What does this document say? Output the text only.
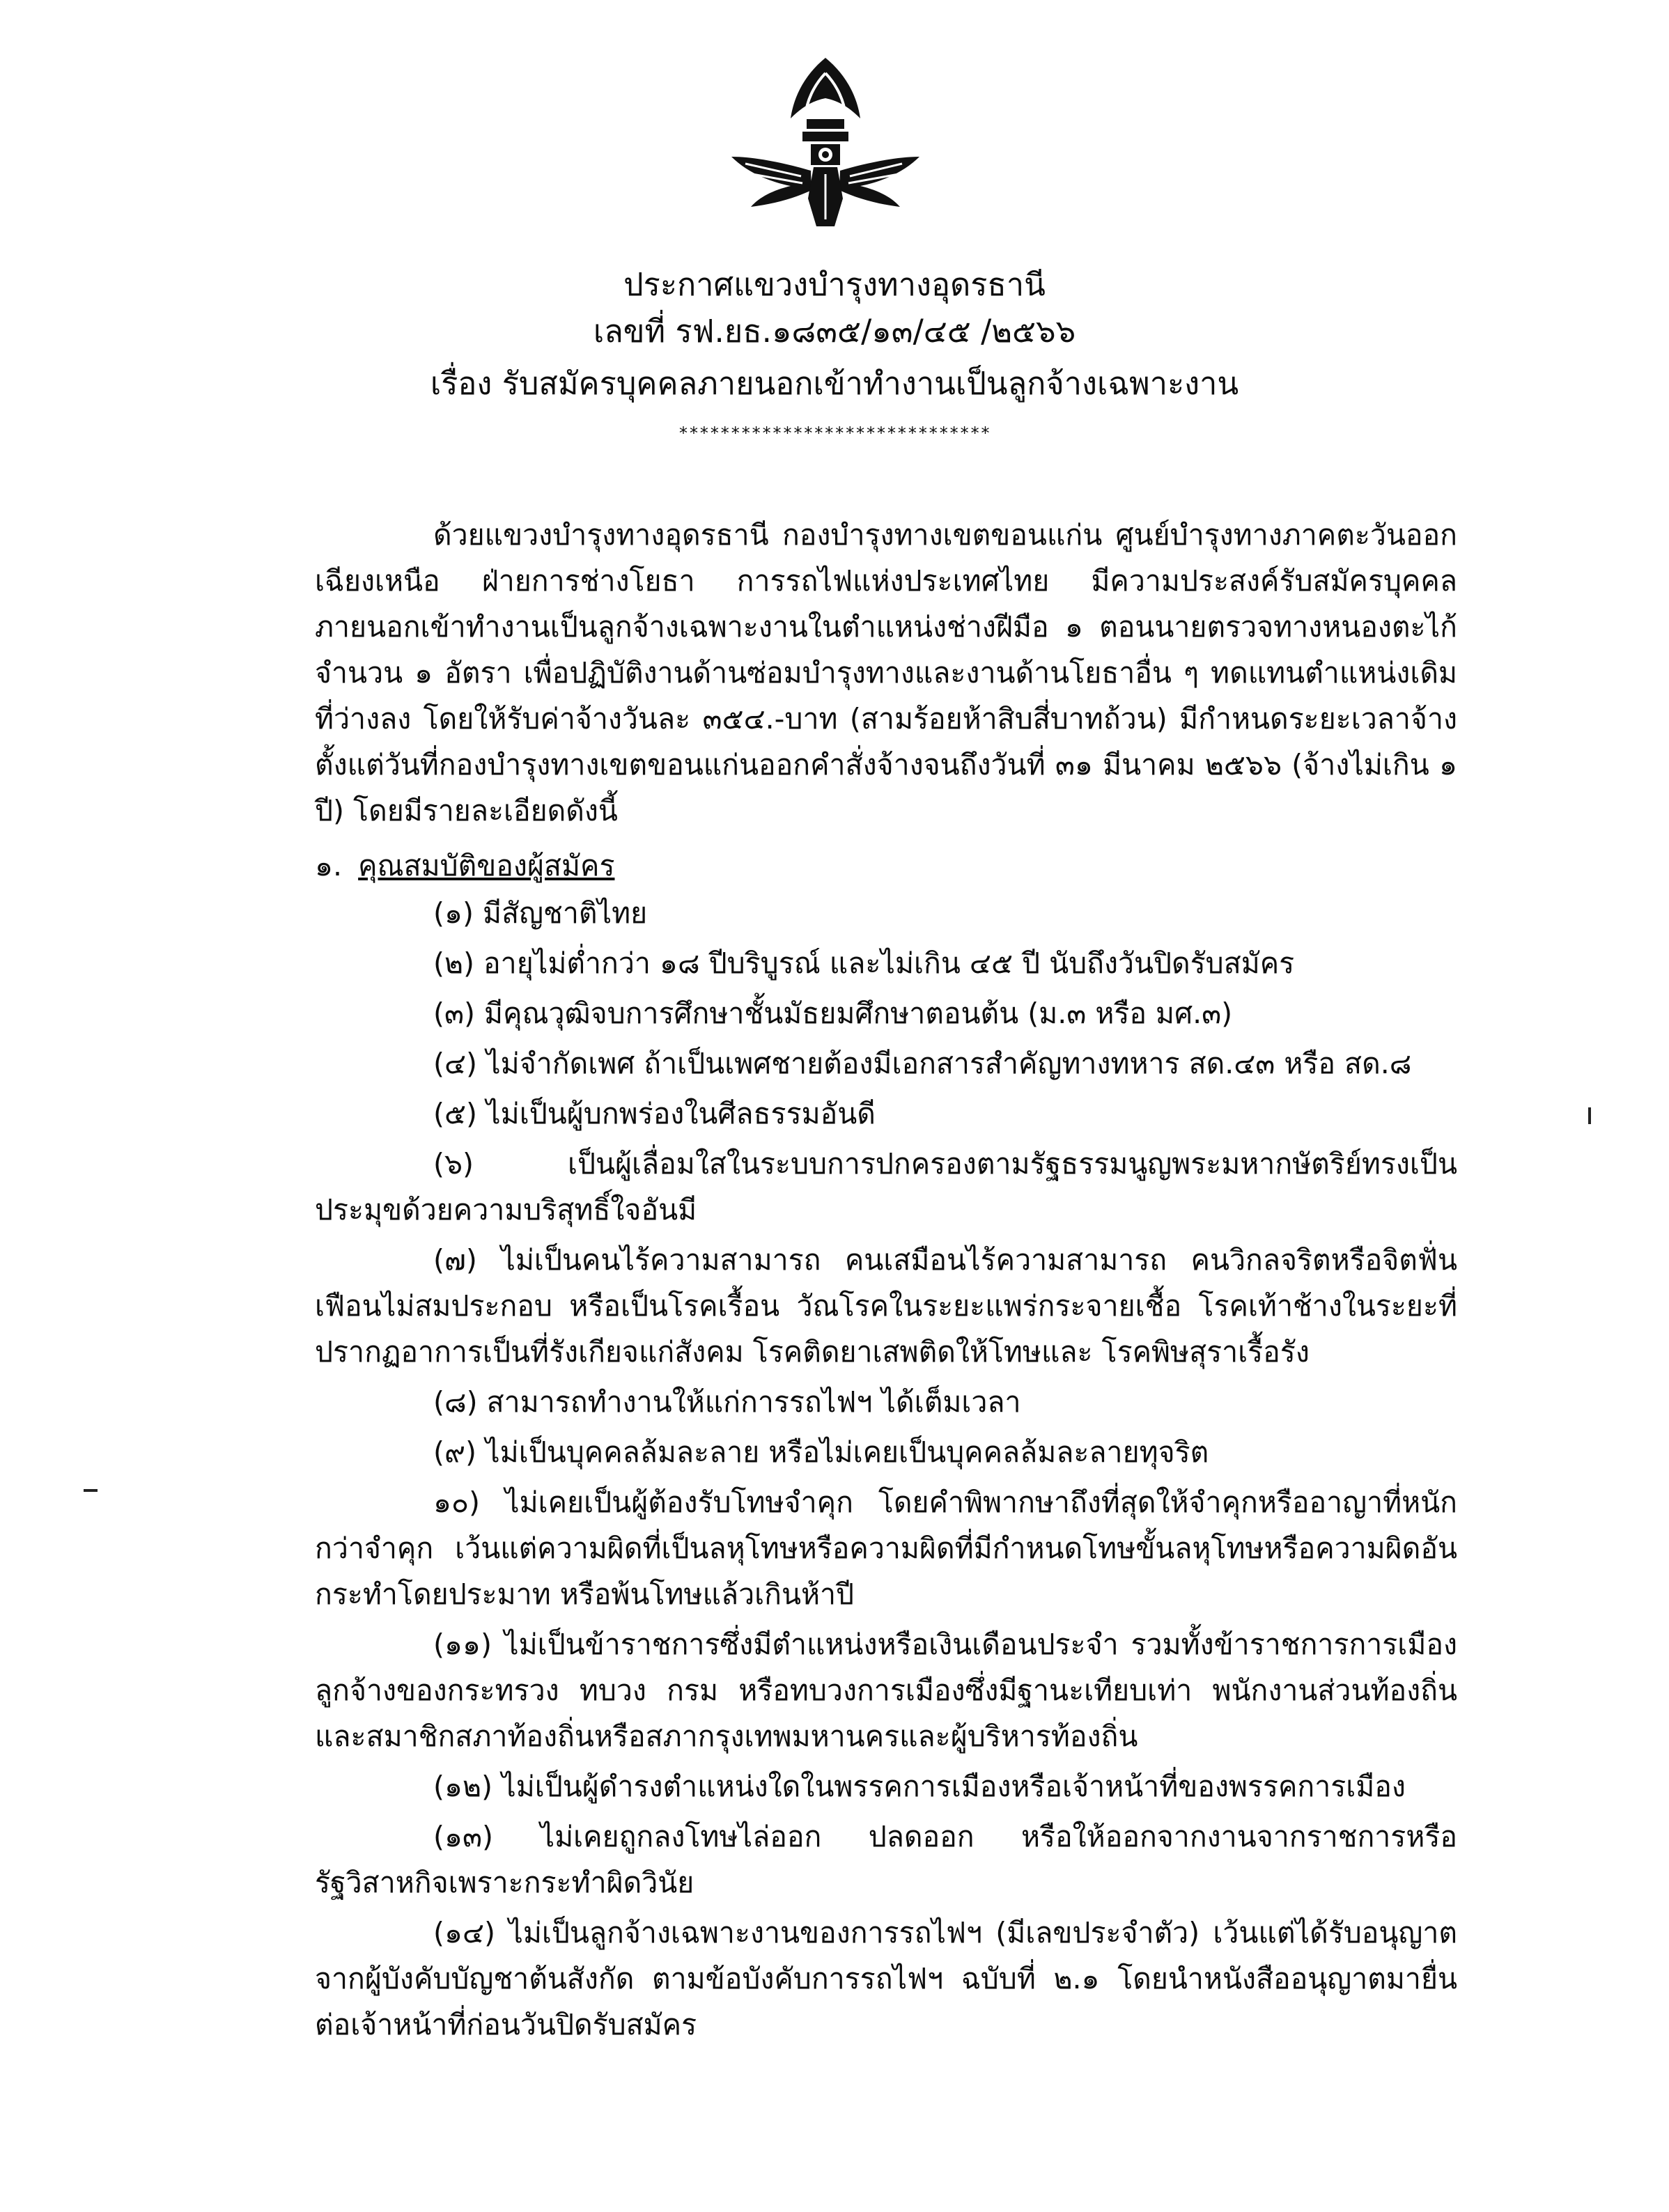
ประกาศแขวงบำรุงทางอุดรธานี
เลขที่ รฟ.ยธ.๑๘๓๕/๑๓/๔๕ /๒๕๖๖
เรื่อง รับสมัครบุคคลภายนอกเข้าทำงานเป็นลูกจ้างเฉพาะงาน
******************************
ด้วยแขวงบำรุงทางอุดรธานี กองบำรุงทางเขตขอนแก่น ศูนย์บำรุงทางภาคตะวันออกเฉียงเหนือ ฝ่ายการช่างโยธา การรถไฟแห่งประเทศไทย มีความประสงค์รับสมัครบุคคลภายนอกเข้าทำงานเป็นลูกจ้างเฉพาะงานในตำแหน่งช่างฝีมือ ๑ ตอนนายตรวจทางหนองตะไก้ จำนวน ๑ อัตรา เพื่อปฏิบัติงานด้านซ่อมบำรุงทางและงานด้านโยธาอื่น ๆ ทดแทนตำแหน่งเดิมที่ว่างลง โดยให้รับค่าจ้างวันละ ๓๕๔.-บาท (สามร้อยห้าสิบสี่บาทถ้วน) มีกำหนดระยะเวลาจ้างตั้งแต่วันที่กองบำรุงทางเขตขอนแก่นออกคำสั่งจ้างจนถึงวันที่ ๓๑ มีนาคม ๒๕๖๖ (จ้างไม่เกิน ๑ ปี) โดยมีรายละเอียดดังนี้
๑. คุณสมบัติของผู้สมัคร
(๑) มีสัญชาติไทย
(๒) อายุไม่ต่ำกว่า ๑๘ ปีบริบูรณ์ และไม่เกิน ๔๕ ปี นับถึงวันปิดรับสมัคร
(๓) มีคุณวุฒิจบการศึกษาชั้นมัธยมศึกษาตอนต้น (ม.๓ หรือ มศ.๓)
(๔) ไม่จำกัดเพศ ถ้าเป็นเพศชายต้องมีเอกสารสำคัญทางทหาร สด.๔๓ หรือ สด.๘
(๕) ไม่เป็นผู้บกพร่องในศีลธรรมอันดี
(๖) เป็นผู้เลื่อมใสในระบบการปกครองตามรัฐธรรมนูญพระมหากษัตริย์ทรงเป็นประมุขด้วยความบริสุทธิ์ใจอันมี
(๗) ไม่เป็นคนไร้ความสามารถ คนเสมือนไร้ความสามารถ คนวิกลจริตหรือจิตฟั่นเฟือนไม่สมประกอบ หรือเป็นโรคเรื้อน วัณโรคในระยะแพร่กระจายเชื้อ โรคเท้าช้างในระยะที่ปรากฏอาการเป็นที่รังเกียจแก่สังคม โรคติดยาเสพติดให้โทษและ โรคพิษสุราเรื้อรัง
(๘) สามารถทำงานให้แก่การรถไฟฯ ได้เต็มเวลา
(๙) ไม่เป็นบุคคลล้มละลาย หรือไม่เคยเป็นบุคคลล้มละลายทุจริต
๑๐) ไม่เคยเป็นผู้ต้องรับโทษจำคุก โดยคำพิพากษาถึงที่สุดให้จำคุกหรืออาญาที่หนักกว่าจำคุก เว้นแต่ความผิดที่เป็นลหุโทษหรือความผิดที่มีกำหนดโทษขั้นลหุโทษหรือความผิดอันกระทำโดยประมาท หรือพ้นโทษแล้วเกินห้าปี
(๑๑) ไม่เป็นข้าราชการซึ่งมีตำแหน่งหรือเงินเดือนประจำ รวมทั้งข้าราชการการเมือง ลูกจ้างของกระทรวง ทบวง กรม หรือทบวงการเมืองซึ่งมีฐานะเทียบเท่า พนักงานส่วนท้องถิ่นและสมาชิกสภาท้องถิ่นหรือสภากรุงเทพมหานครและผู้บริหารท้องถิ่น
(๑๒) ไม่เป็นผู้ดำรงตำแหน่งใดในพรรคการเมืองหรือเจ้าหน้าที่ของพรรคการเมือง
(๑๓) ไม่เคยถูกลงโทษไล่ออก ปลดออก หรือให้ออกจากงานจากราชการหรือรัฐวิสาหกิจเพราะกระทำผิดวินัย
(๑๔) ไม่เป็นลูกจ้างเฉพาะงานของการรถไฟฯ (มีเลขประจำตัว) เว้นแต่ได้รับอนุญาตจากผู้บังคับบัญชาต้นสังกัด ตามข้อบังคับการรถไฟฯ ฉบับที่ ๒.๑ โดยนำหนังสืออนุญาตมายื่นต่อเจ้าหน้าที่ก่อนวันปิดรับสมัคร
